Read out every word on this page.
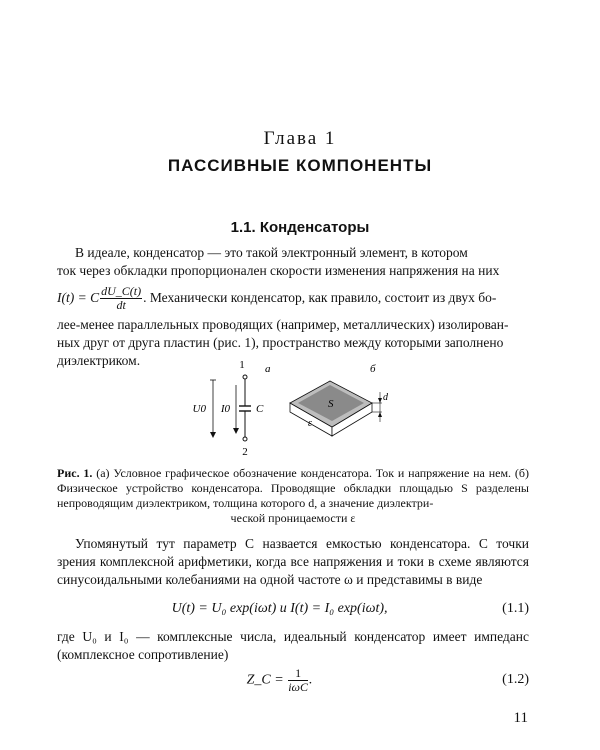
Глава 1
ПАССИВНЫЕ КОМПОНЕНТЫ
1.1. Конденсаторы
В идеале, конденсатор — это такой электронный элемент, в котором
ток через обкладки пропорционален скорости изменения напряжения на них
I(t) = C $\frac{dU\_C(t)}{dt}$ . Механически конденсатор, как правило, состоит из двух бо-
лее-менее параллельных проводящих (например, металлических) изолирован-
ных друг от друга пластин (рис. 1), пространство между которыми заполнено
диэлектриком.	1
2
U0 I0 C
а	б
S
ε
d
Рис. 1. (а) Условное графическое обозначение конденсатора. Ток и напряжение на нем. (б) Физическое устройство конденсатора. Проводящие обкладки площадью S разделены непроводящим диэлектриком, толщина которого d, а значение диэлектри-
ческой проницаемости ε

Упомянутый тут параметр C назвается емкостью конденсатора. С точки зрения комплексной арифметики, когда все напряжения и токи в схеме являются синусоидальными колебаниями на одной частоте ω и представимы в виде

U(t) = U₀ exp(iωt) и I(t) = I₀ exp(iωt),	(1.1)

где U₀ и I₀ — комплексные числа, идеальный конденсатор имеет импеданс (комплексное сопротивление)

Z_C = $\frac{1}{\text{iωC}}$ .	(1.2)
11
